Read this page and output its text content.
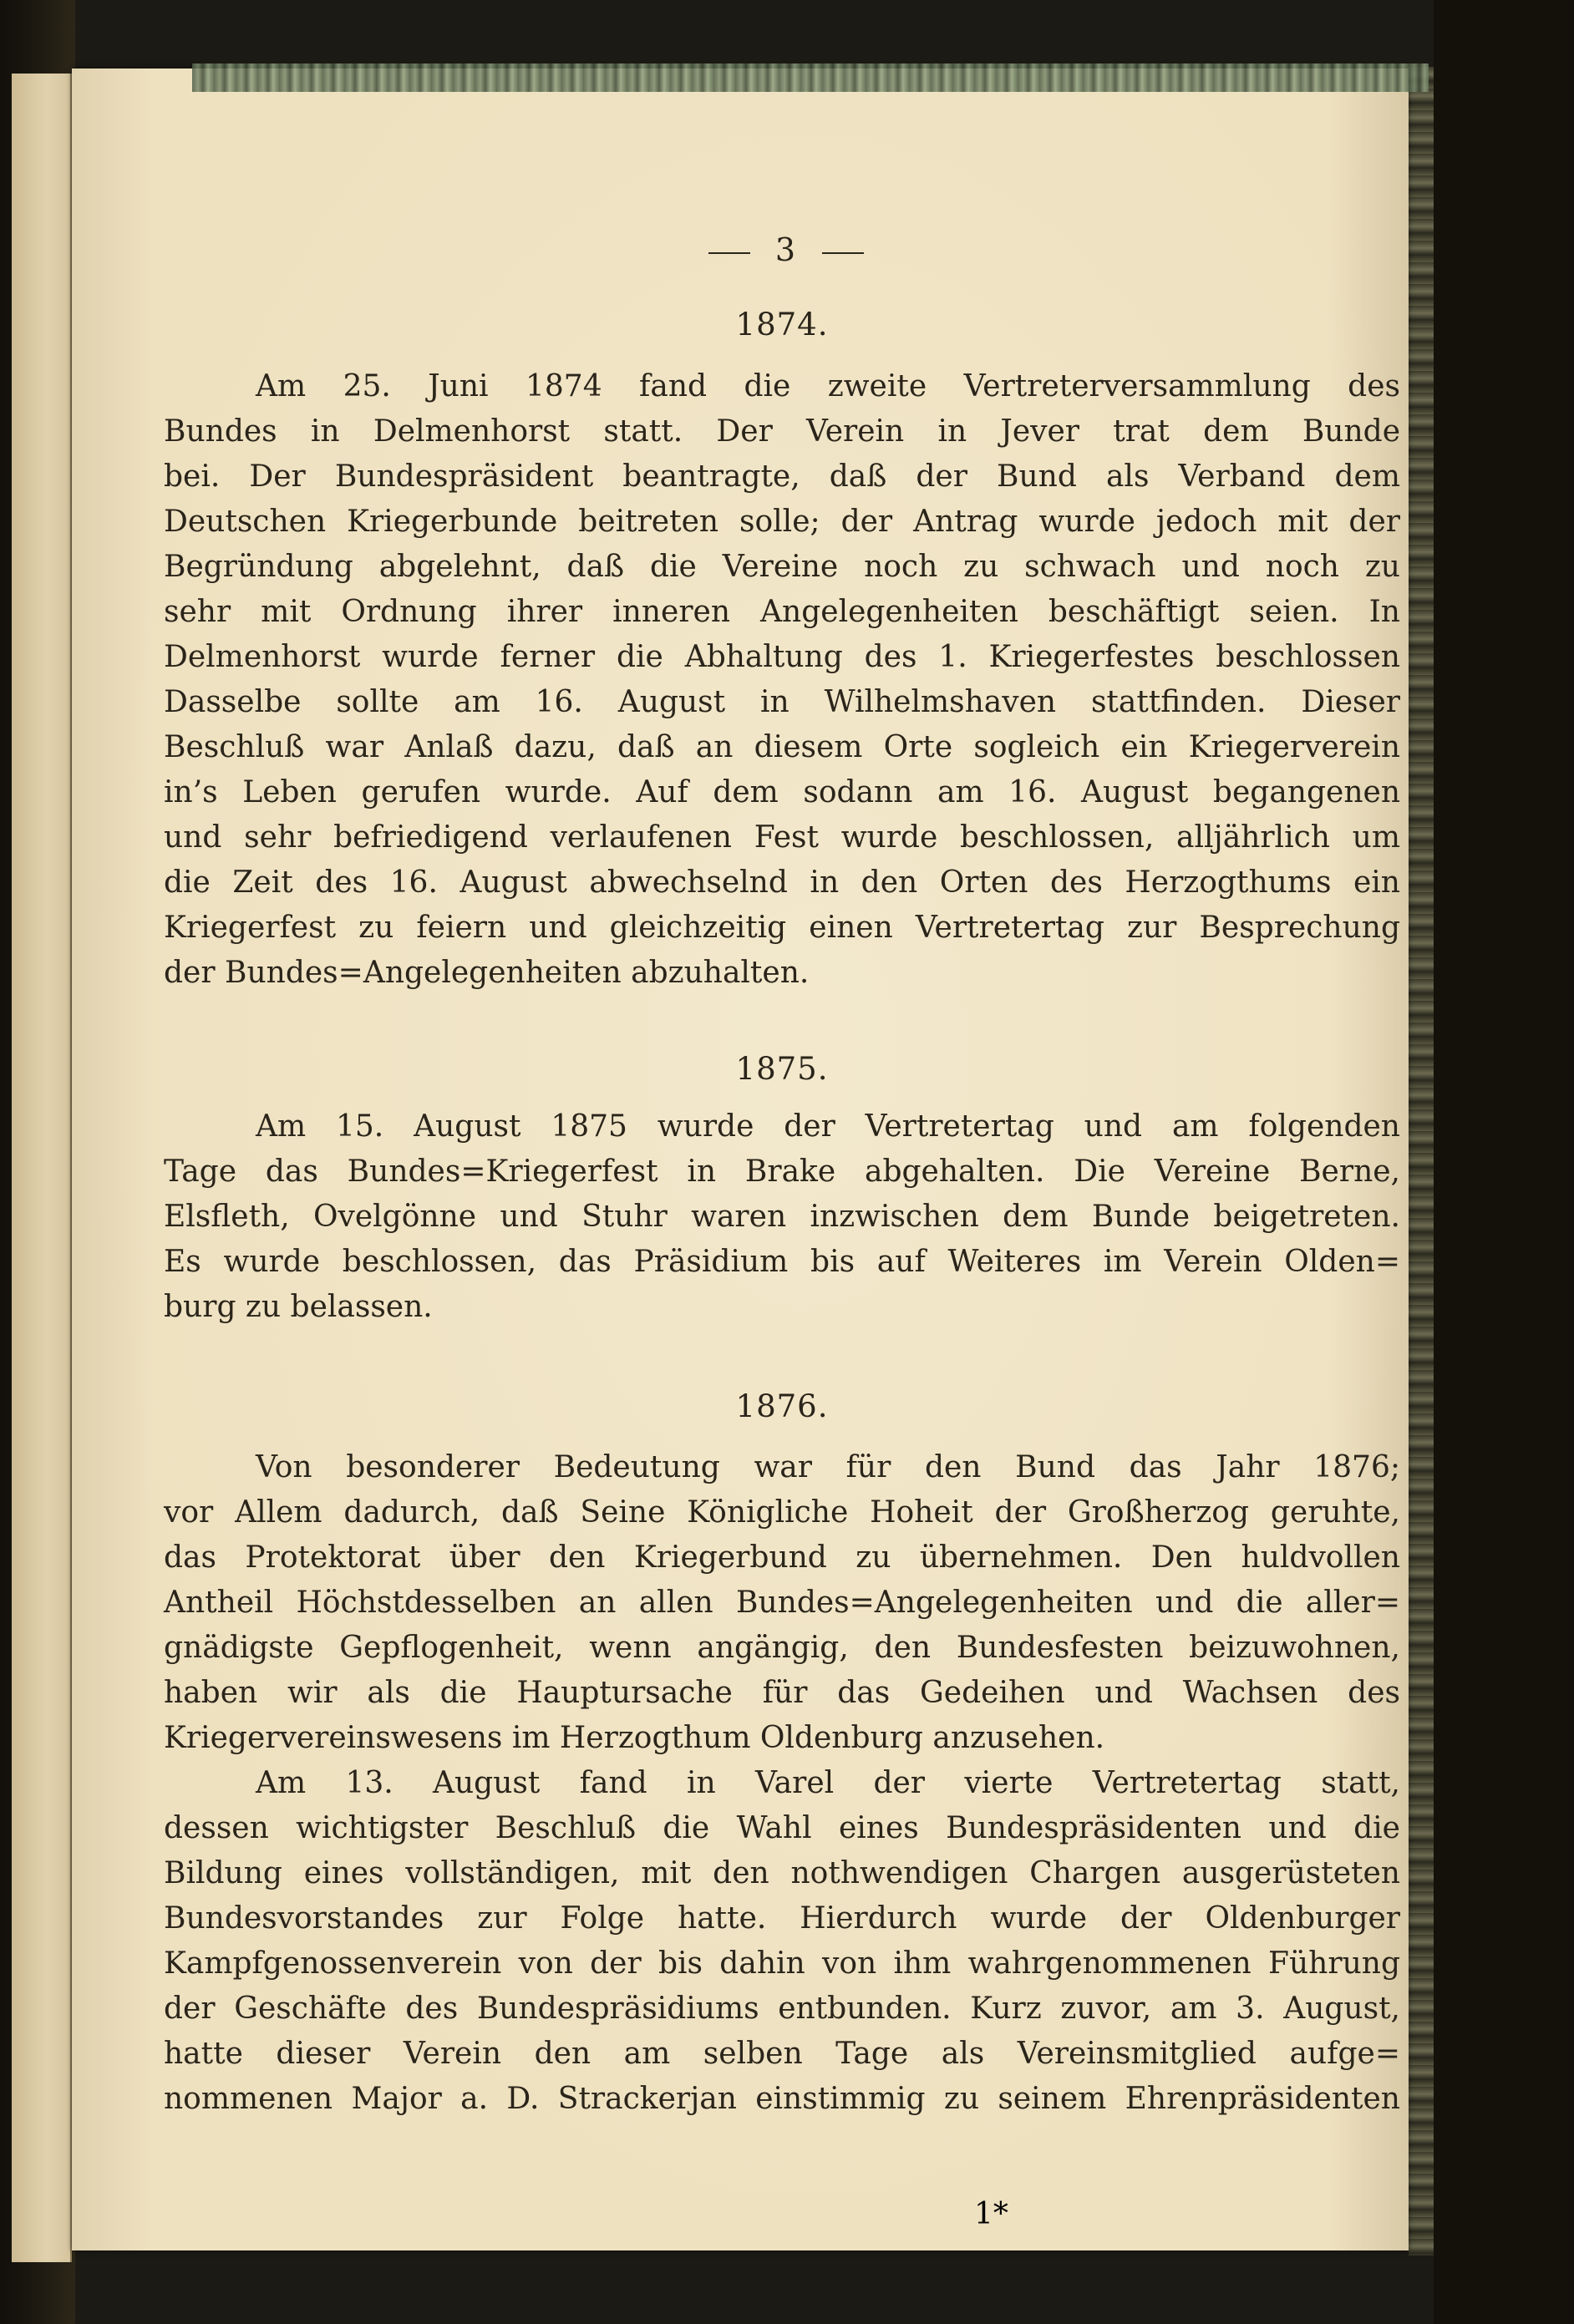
3
1874.
Am 25. Juni 1874 fand die zweite Vertreterversammlung des
Bundes in Delmenhorst statt. Der Verein in Jever trat dem Bunde
bei. Der Bundespräsident beantragte, daß der Bund als Verband dem
Deutschen Kriegerbunde beitreten solle; der Antrag wurde jedoch mit der
Begründung abgelehnt, daß die Vereine noch zu schwach und noch zu
sehr mit Ordnung ihrer inneren Angelegenheiten beschäftigt seien. In
Delmenhorst wurde ferner die Abhaltung des 1. Kriegerfestes beschlossen
Dasselbe sollte am 16. August in Wilhelmshaven stattfinden. Dieser
Beschluß war Anlaß dazu, daß an diesem Orte sogleich ein Kriegerverein
in’s Leben gerufen wurde. Auf dem sodann am 16. August begangenen
und sehr befriedigend verlaufenen Fest wurde beschlossen, alljährlich um
die Zeit des 16. August abwechselnd in den Orten des Herzogthums ein
Kriegerfest zu feiern und gleichzeitig einen Vertretertag zur Besprechung
der Bundes=Angelegenheiten abzuhalten.
1875.
Am 15. August 1875 wurde der Vertretertag und am folgenden
Tage das Bundes=Kriegerfest in Brake abgehalten. Die Vereine Berne,
Elsfleth, Ovelgönne und Stuhr waren inzwischen dem Bunde beigetreten.
Es wurde beschlossen, das Präsidium bis auf Weiteres im Verein Olden=
burg zu belassen.
1876.
Von besonderer Bedeutung war für den Bund das Jahr 1876;
vor Allem dadurch, daß Seine Königliche Hoheit der Großherzog geruhte,
das Protektorat über den Kriegerbund zu übernehmen. Den huldvollen
Antheil Höchstdesselben an allen Bundes=Angelegenheiten und die aller=
gnädigste Gepflogenheit, wenn angängig, den Bundesfesten beizuwohnen,
haben wir als die Hauptursache für das Gedeihen und Wachsen des
Kriegervereinswesens im Herzogthum Oldenburg anzusehen.
Am 13. August fand in Varel der vierte Vertretertag statt,
dessen wichtigster Beschluß die Wahl eines Bundespräsidenten und die
Bildung eines vollständigen, mit den nothwendigen Chargen ausgerüsteten
Bundesvorstandes zur Folge hatte. Hierdurch wurde der Oldenburger
Kampfgenossenverein von der bis dahin von ihm wahrgenommenen Führung
der Geschäfte des Bundespräsidiums entbunden. Kurz zuvor, am 3. August,
hatte dieser Verein den am selben Tage als Vereinsmitglied aufge=
nommenen Major a. D. Strackerjan einstimmig zu seinem Ehrenpräsidenten
1*
